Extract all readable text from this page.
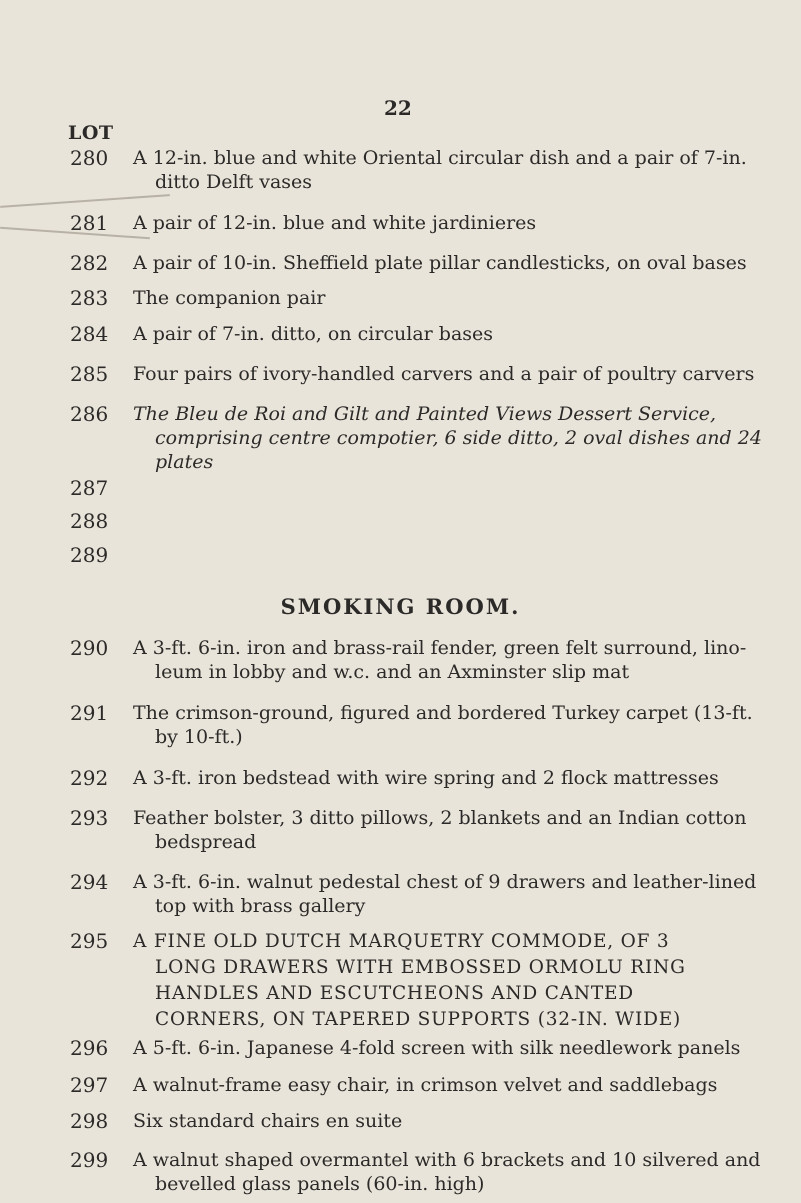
22
LOT
280	A 12-in. blue and white Oriental circular dish and a pair of 7-in.
ditto Delft vases
281	A pair of 12-in. blue and white jardinieres
282	A pair of 10-in. Sheffield plate pillar candlesticks, on oval bases
283	The companion pair
284	A pair of 7-in. ditto, on circular bases
285	Four pairs of ivory-handled carvers and a pair of poultry carvers
286	The Bleu de Roi and Gilt and Painted Views Dessert Service,
comprising centre compotier, 6 side ditto, 2 oval dishes and 24
plates
287
288
289
SMOKING ROOM.
290	A 3-ft. 6-in. iron and brass-rail fender, green felt surround, lino-
leum in lobby and w.c. and an Axminster slip mat
291	The crimson-ground, figured and bordered Turkey carpet (13-ft.
by 10-ft.)
292	A 3-ft. iron bedstead with wire spring and 2 flock mattresses
293	Feather bolster, 3 ditto pillows, 2 blankets and an Indian cotton
bedspread
294	A 3-ft. 6-in. walnut pedestal chest of 9 drawers and leather-lined
top with brass gallery
295	A FINE OLD DUTCH MARQUETRY COMMODE, OF 3
LONG DRAWERS WITH EMBOSSED ORMOLU RING
HANDLES AND ESCUTCHEONS AND CANTED
CORNERS, ON TAPERED SUPPORTS (32-IN. WIDE)
296	A 5-ft. 6-in. Japanese 4-fold screen with silk needlework panels
297	A walnut-frame easy chair, in crimson velvet and saddlebags
298	Six standard chairs en suite
299	A walnut shaped overmantel with 6 brackets and 10 silvered and
bevelled glass panels (60-in. high)
